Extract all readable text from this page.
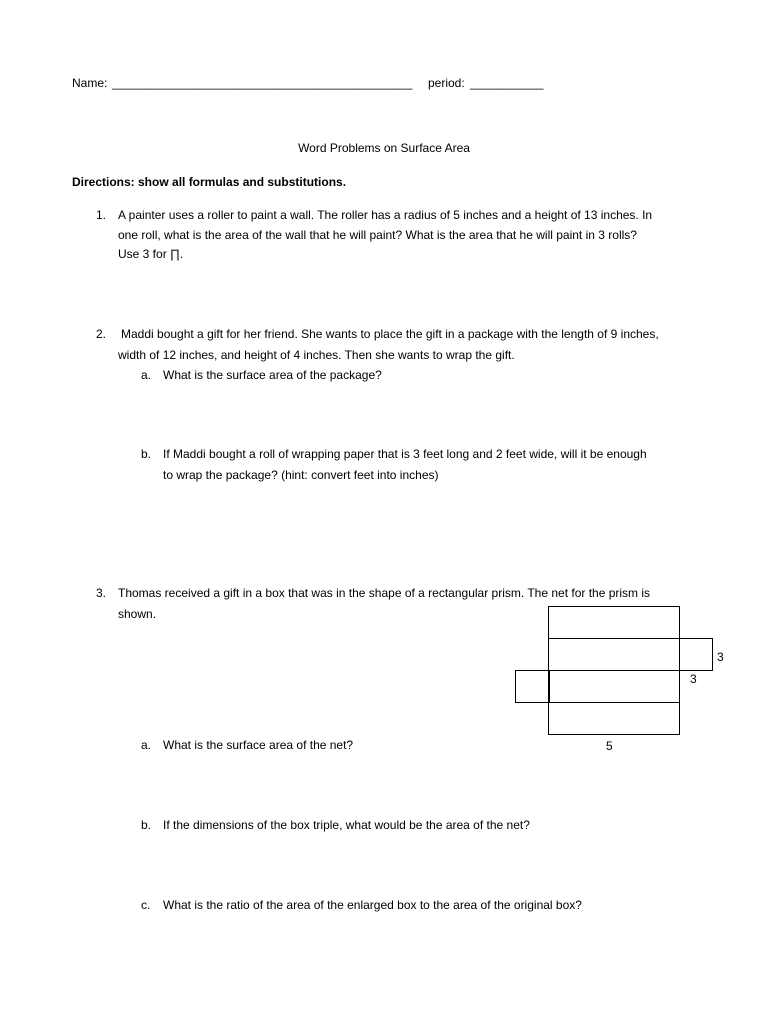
Name: _____________________________________________ period: ___________
Word Problems on Surface Area
Directions: show all formulas and substitutions.
1. A painter uses a roller to paint a wall. The roller has a radius of 5 inches and a height of 13 inches. In
one roll, what is the area of the wall that he will paint? What is the area that he will paint in 3 rolls?
Use 3 for ∏.
2. Maddi bought a gift for her friend. She wants to place the gift in a package with the length of 9 inches,
width of 12 inches, and height of 4 inches. Then she wants to wrap the gift.
a. What is the surface area of the package?
b. If Maddi bought a roll of wrapping paper that is 3 feet long and 2 feet wide, will it be enough
to wrap the package? (hint: convert feet into inches)
3. Thomas received a gift in a box that was in the shape of a rectangular prism. The net for the prism is
shown.
3
3
5
a. What is the surface area of the net?
b. If the dimensions of the box triple, what would be the area of the net?
c. What is the ratio of the area of the enlarged box to the area of the original box?
